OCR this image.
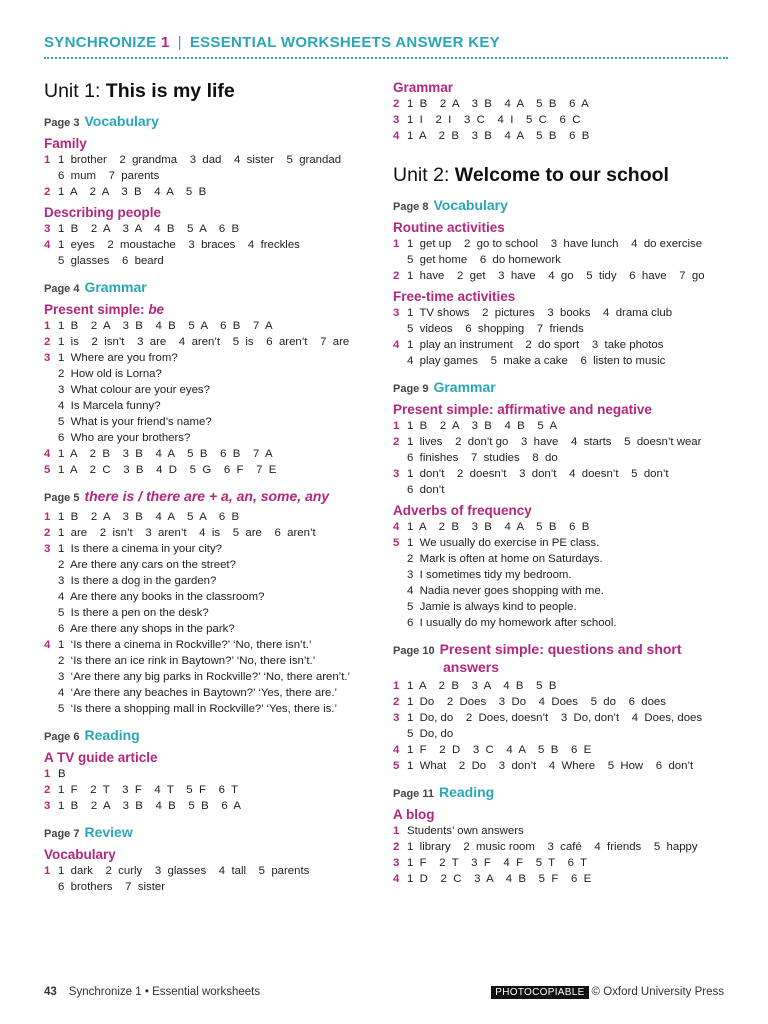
SYNCHRONIZE 1 | ESSENTIAL WORKSHEETS ANSWER KEY
Unit 1: This is my life
Page 3 Vocabulary
Family
1 1  brother    2  grandma    3  dad    4  sister    5  grandad
6  mum    7  parents
2 1  A    2  A    3  B    4  A    5  B
Describing people
3 1  B    2  A    3  A    4  B    5  A    6  B
4 1  eyes    2  moustache    3  braces    4  freckles
5  glasses    6  beard
Page 4 Grammar
Present simple: be
1 1  B    2  A    3  B    4  B    5  A    6  B    7  A
2 1  is    2  isn’t    3  are    4  aren’t    5  is    6  aren’t    7  are
3 1  Where are you from?
2  How old is Lorna?
3  What colour are your eyes?
4  Is Marcela funny?
5  What is your friend’s name?
6  Who are your brothers?
4 1  A    2  B    3  B    4  A    5  B    6  B    7  A
5 1  A    2  C    3  B    4  D    5  G    6  F    7  E
Page 5 there is / there are + a, an, some, any
1 1  B    2  A    3  B    4  A    5  A    6  B
2 1  are    2  isn’t    3  aren’t    4  is    5  are    6  aren’t
3 1  Is there a cinema in your city?
2  Are there any cars on the street?
3  Is there a dog in the garden?
4  Are there any books in the classroom?
5  Is there a pen on the desk?
6  Are there any shops in the park?
4 1  ‘Is there a cinema in Rockville?’ ‘No, there isn’t.’
2  ‘Is there an ice rink in Baytown?’ ‘No, there isn’t.’
3  ‘Are there any big parks in Rockville?’ ‘No, there aren’t.’
4  ‘Are there any beaches in Baytown?’ ‘Yes, there are.’
5  ‘Is there a shopping mall in Rockville?’ ‘Yes, there is.’
Page 6 Reading
A TV guide article
1 B
2 1  F    2  T    3  F    4  T    5  F    6  T
3 1  B    2  A    3  B    4  B    5  B    6  A
Page 7 Review
Vocabulary
1 1  dark    2  curly    3  glasses    4  tall    5  parents
6  brothers    7  sister
Grammar
2 1  B    2  A    3  B    4  A    5  B    6  A
3 1  I    2  I    3  C    4  I    5  C    6  C
4 1  A    2  B    3  B    4  A    5  B    6  B
Unit 2: Welcome to our school
Page 8 Vocabulary
Routine activities
1 1  get up    2  go to school    3  have lunch    4  do exercise
5  get home    6  do homework
2 1  have    2  get    3  have    4  go    5  tidy    6  have    7  go
Free-time activities
3 1  TV shows    2  pictures    3  books    4  drama club
5  videos    6  shopping    7  friends
4 1  play an instrument    2  do sport    3  take photos
4  play games    5  make a cake    6  listen to music
Page 9 Grammar
Present simple: affirmative and negative
1 1  B    2  A    3  B    4  B    5  A
2 1  lives    2  don’t go    3  have    4  starts    5  doesn’t wear
6  finishes    7  studies    8  do
3 1  don’t    2  doesn’t    3  don’t    4  doesn’t    5  don’t
6  don’t
Adverbs of frequency
4 1  A    2  B    3  B    4  A    5  B    6  B
5 1  We usually do exercise in PE class.
2  Mark is often at home on Saturdays.
3  I sometimes tidy my bedroom.
4  Nadia never goes shopping with me.
5  Jamie is always kind to people.
6  I usually do my homework after school.
Page 10 Present simple: questions and short
answers
1 1  A    2  B    3  A    4  B    5  B
2 1  Do    2  Does    3  Do    4  Does    5  do    6  does
3 1  Do, do    2  Does, doesn’t    3  Do, don’t    4  Does, does
5  Do, do
4 1  F    2  D    3  C    4  A    5  B    6  E
5 1  What    2  Do    3  don’t    4  Where    5  How    6  don’t
Page 11 Reading
A blog
1 Students’ own answers
2 1  library    2  music room    3  café    4  friends    5  happy
3 1  F    2  T    3  F    4  F    5  T    6  T
4 1  D    2  C    3  A    4  B    5  F    6  E
43 Synchronize 1 • Essential worksheets	PHOTOCOPIABLE © Oxford University Press
